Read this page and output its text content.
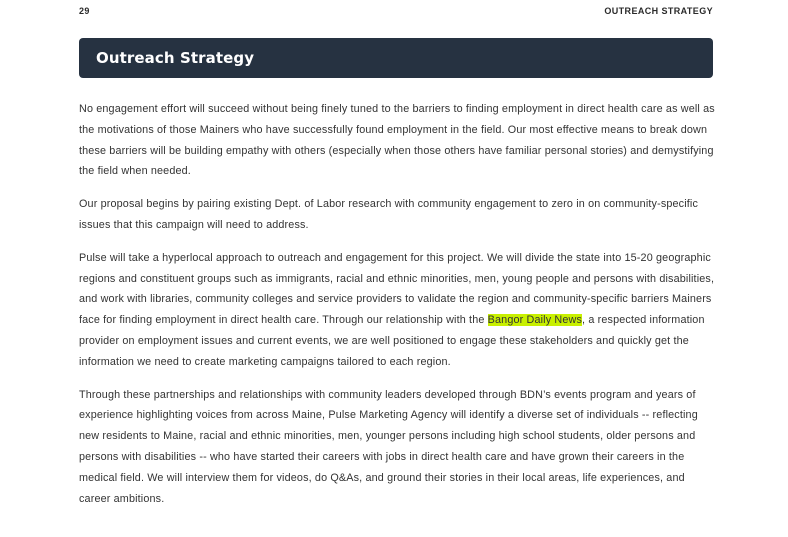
29	OUTREACH STRATEGY
Outreach Strategy

No engagement effort will succeed without being finely tuned to the barriers to finding employment in direct health care as well as the motivations of those Mainers who have successfully found employment in the field. Our most effective means to break down these barriers will be building empathy with others (especially when those others have familiar personal stories) and demystifying the field when needed.

Our proposal begins by pairing existing Dept. of Labor research with community engagement to zero in on community-specific issues that this campaign will need to address.

Pulse will take a hyperlocal approach to outreach and engagement for this project. We will divide the state into 15-20 geographic regions and constituent groups such as immigrants, racial and ethnic minorities, men, young people and persons with disabilities, and work with libraries, community colleges and service providers to validate the region and community-specific barriers Mainers face for finding employment in direct health care. Through our relationship with the Bangor Daily News, a respected information provider on employment issues and current events, we are well positioned to engage these stakeholders and quickly get the information we need to create marketing campaigns tailored to each region.

Through these partnerships and relationships with community leaders developed through BDN’s events program and years of experience highlighting voices from across Maine, Pulse Marketing Agency will identify a diverse set of individuals -- reflecting new residents to Maine, racial and ethnic minorities, men, younger persons including high school students, older persons and persons with disabilities -- who have started their careers with jobs in direct health care and have grown their careers in the medical field. We will interview them for videos, do Q&As, and ground their stories in their local areas, life experiences, and career ambitions.
